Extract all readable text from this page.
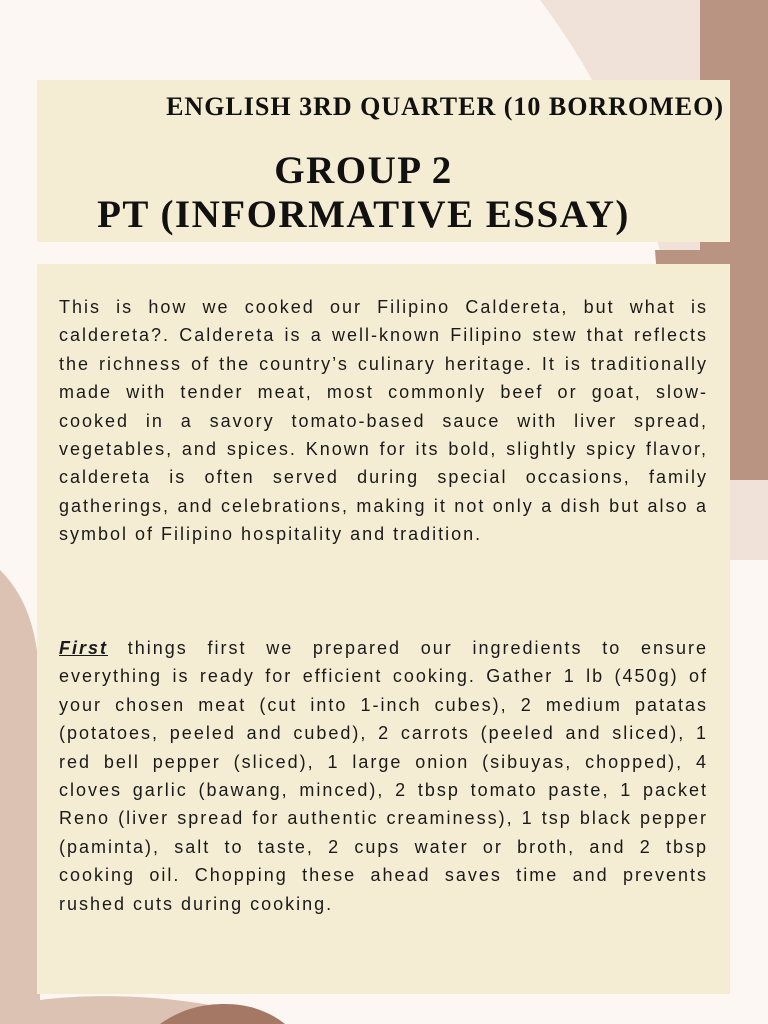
ENGLISH 3RD QUARTER (10 BORROMEO)
GROUP 2
PT (INFORMATIVE ESSAY)

This is how we cooked our Filipino Caldereta, but what is caldereta?. Caldereta is a well-known Filipino stew that reflects the richness of the country’s culinary heritage. It is traditionally made with tender meat, most commonly beef or goat, slow-cooked in a savory tomato-based sauce with liver spread, vegetables, and spices. Known for its bold, slightly spicy flavor, caldereta is often served during special occasions, family gatherings, and celebrations, making it not only a dish but also a symbol of Filipino hospitality and tradition.

First things first we prepared our ingredients to ensure everything is ready for efficient cooking. Gather 1 lb (450g) of your chosen meat (cut into 1-inch cubes), 2 medium patatas (potatoes, peeled and cubed), 2 carrots (peeled and sliced), 1 red bell pepper (sliced), 1 large onion (sibuyas, chopped), 4 cloves garlic (bawang, minced), 2 tbsp tomato paste, 1 packet Reno (liver spread for authentic creaminess), 1 tsp black pepper (paminta), salt to taste, 2 cups water or broth, and 2 tbsp cooking oil. Chopping these ahead saves time and prevents rushed cuts during cooking.
